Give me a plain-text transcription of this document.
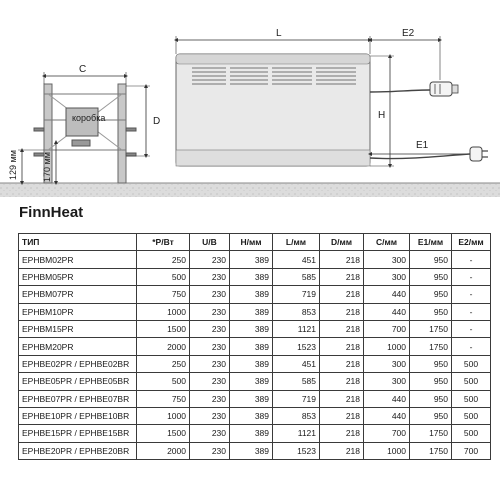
коробка
C
D
129 мм	170 мм
L	E2
H
E1
FinnHeat
ТИП	*P/Вт	U/B	H/мм	L/мм	D/мм	C/мм	E1/мм	E2/мм
EPHBM02PR	250	230	389	451	218	300	950	-
EPHBM05PR	500	230	389	585	218	300	950	-
EPHBM07PR	750	230	389	719	218	440	950	-
EPHBM10PR	1000	230	389	853	218	440	950	-
EPHBM15PR	1500	230	389	1121	218	700	1750	-
EPHBM20PR	2000	230	389	1523	218	1000	1750	-
EPHBE02PR / EPHBE02BR	250	230	389	451	218	300	950	500
EPHBE05PR / EPHBE05BR	500	230	389	585	218	300	950	500
EPHBE07PR / EPHBE07BR	750	230	389	719	218	440	950	500
EPHBE10PR / EPHBE10BR	1000	230	389	853	218	440	950	500
EPHBE15PR / EPHBE15BR	1500	230	389	1121	218	700	1750	500
EPHBE20PR / EPHBE20BR	2000	230	389	1523	218	1000	1750	700
